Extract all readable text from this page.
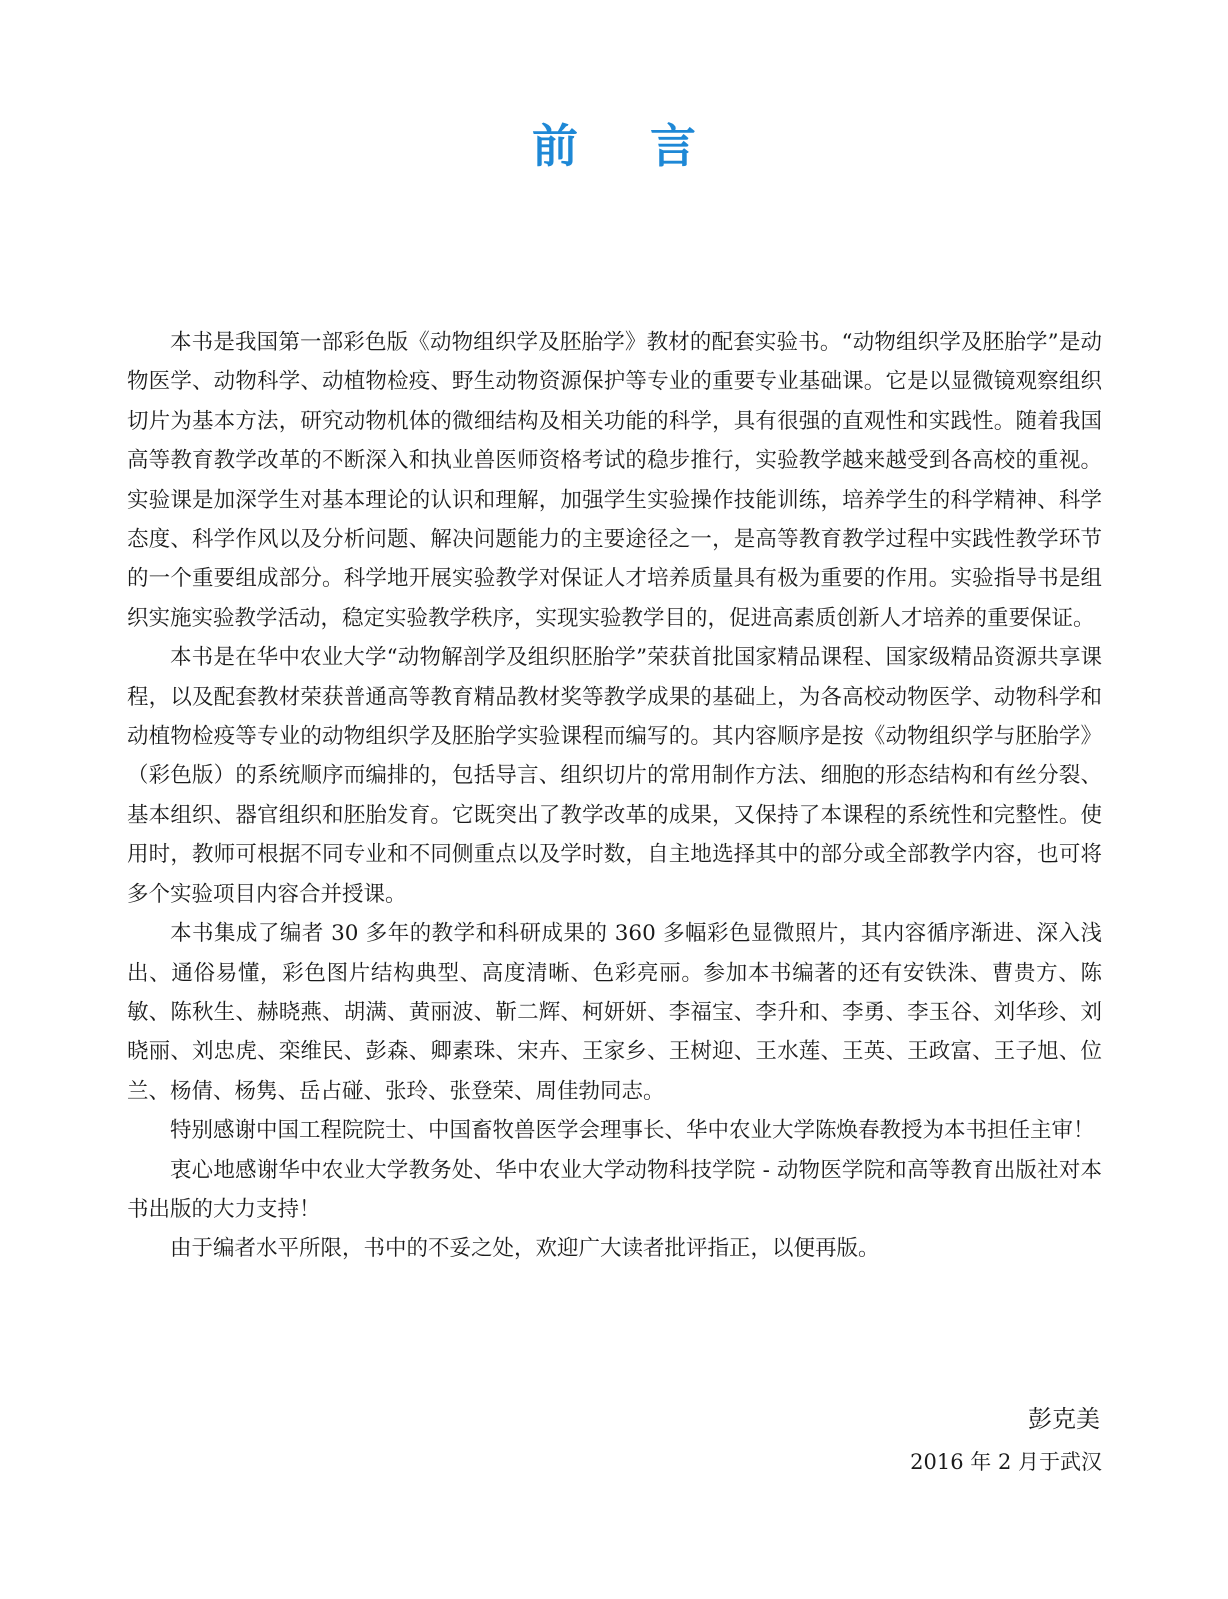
前言

本书是我国第一部彩色版《动物组织学及胚胎学》教材的配套实验书。“动物组织学及胚胎学”是动物医学、动物科学、动植物检疫、野生动物资源保护等专业的重要专业基础课。它是以显微镜观察组织切片为基本方法，研究动物机体的微细结构及相关功能的科学，具有很强的直观性和实践性。随着我国高等教育教学改革的不断深入和执业兽医师资格考试的稳步推行，实验教学越来越受到各高校的重视。实验课是加深学生对基本理论的认识和理解，加强学生实验操作技能训练，培养学生的科学精神、科学态度、科学作风以及分析问题、解决问题能力的主要途径之一，是高等教育教学过程中实践性教学环节的一个重要组成部分。科学地开展实验教学对保证人才培养质量具有极为重要的作用。实验指导书是组织实施实验教学活动，稳定实验教学秩序，实现实验教学目的，促进高素质创新人才培养的重要保证。

本书是在华中农业大学“动物解剖学及组织胚胎学”荣获首批国家精品课程、国家级精品资源共享课程，以及配套教材荣获普通高等教育精品教材奖等教学成果的基础上，为各高校动物医学、动物科学和动植物检疫等专业的动物组织学及胚胎学实验课程而编写的。其内容顺序是按《动物组织学与胚胎学》（彩色版）的系统顺序而编排的，包括导言、组织切片的常用制作方法、细胞的形态结构和有丝分裂、基本组织、器官组织和胚胎发育。它既突出了教学改革的成果，又保持了本课程的系统性和完整性。使用时，教师可根据不同专业和不同侧重点以及学时数，自主地选择其中的部分或全部教学内容，也可将多个实验项目内容合并授课。

本书集成了编者 30 多年的教学和科研成果的 360 多幅彩色显微照片，其内容循序渐进、深入浅出、通俗易懂，彩色图片结构典型、高度清晰、色彩亮丽。参加本书编著的还有安铁洙、曹贵方、陈敏、陈秋生、赫晓燕、胡满、黄丽波、靳二辉、柯妍妍、李福宝、李升和、李勇、李玉谷、刘华珍、刘晓丽、刘忠虎、栾维民、彭森、卿素珠、宋卉、王家乡、王树迎、王水莲、王英、王政富、王子旭、位兰、杨倩、杨隽、岳占碰、张玲、张登荣、周佳勃同志。

特别感谢中国工程院院士、中国畜牧兽医学会理事长、华中农业大学陈焕春教授为本书担任主审！

衷心地感谢华中农业大学教务处、华中农业大学动物科技学院 - 动物医学院和高等教育出版社对本书出版的大力支持！

由于编者水平所限，书中的不妥之处，欢迎广大读者批评指正，以便再版。

彭克美
2016 年 2 月于武汉
